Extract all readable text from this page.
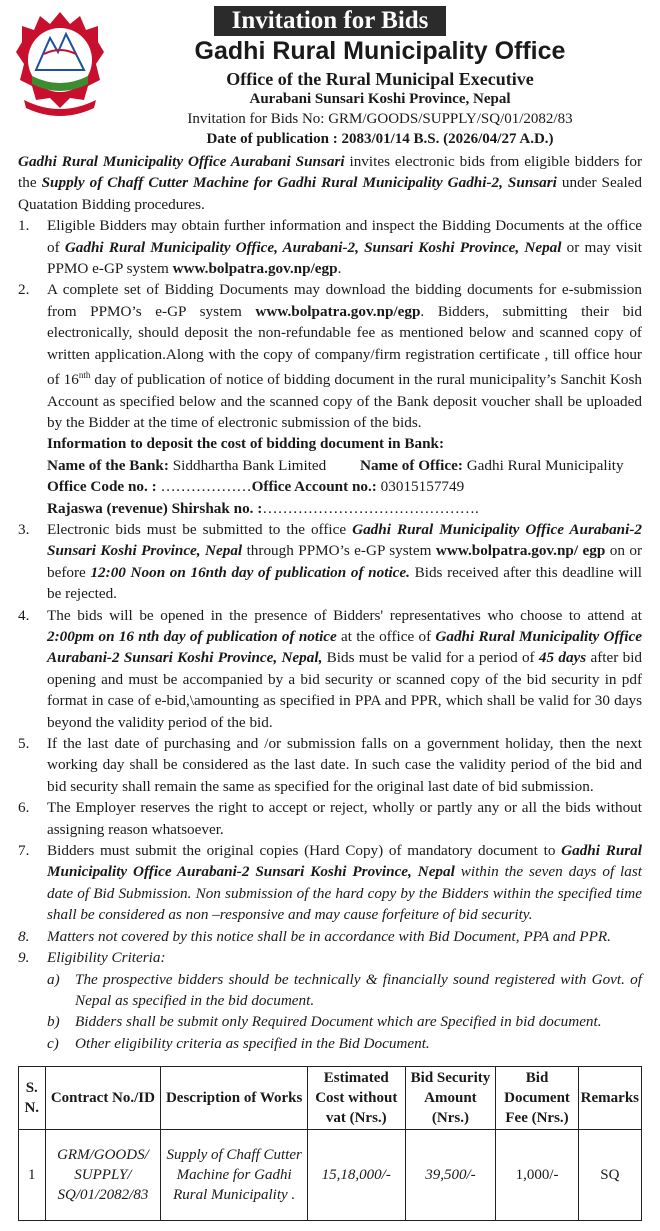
Invitation for Bids
Gadhi Rural Municipality Office
Office of the Rural Municipal Executive
Aurabani Sunsari Koshi Province, Nepal
Invitation for Bids No: GRM/GOODS/SUPPLY/SQ/01/2082/83
Date of publication : 2083/01/14 B.S. (2026/04/27 A.D.)

Gadhi Rural Municipality Office Aurabani Sunsari invites electronic bids from eligible bidders for the Supply of Chaff Cutter Machine for Gadhi Rural Municipality Gadhi-2, Sunsari under Sealed Quatation Bidding procedures.

1.	Eligible Bidders may obtain further information and inspect the Bidding Documents at the office of Gadhi Rural Municipality Office, Aurabani-2, Sunsari Koshi Province, Nepal or may visit PPMO e-GP system www.bolpatra.gov.np/egp.
2.	A complete set of Bidding Documents may download the bidding documents for e-submission from PPMO’s e-GP system www.bolpatra.gov.np/egp. Bidders, submitting their bid electronically, should deposit the non-refundable fee as mentioned below and scanned copy of written application.Along with the copy of company/firm registration certificate , till office hour of $16^{nth}$ day of publication of notice of bidding document in the rural municipality’s Sanchit Kosh Account as specified below and the scanned copy of the Bank deposit voucher shall be uploaded by the Bidder at the time of electronic submission of the bids.
Information to deposit the cost of bidding document in Bank:
Name of the Bank: Siddhartha Bank Limited	Name of Office: Gadhi Rural Municipality
Office Code no. : ………………Office Account no.: 03015157749
Rajaswa (revenue) Shirshak no. :…………………………………….
3.	Electronic bids must be submitted to the office Gadhi Rural Municipality Office Aurabani-2 Sunsari Koshi Province, Nepal through PPMO’s e-GP system www.bolpatra.gov.np/ egp on or before 12:00 Noon on 16nth day of publication of notice. Bids received after this deadline will be rejected.
4.	The bids will be opened in the presence of Bidders' representatives who choose to attend at 2:00pm on 16 nth day of publication of notice at the office of Gadhi Rural Municipality Office Aurabani-2 Sunsari Koshi Province, Nepal, Bids must be valid for a period of 45 days after bid opening and must be accompanied by a bid security or scanned copy of the bid security in pdf format in case of e-bid,\amounting as specified in PPA and PPR, which shall be valid for 30 days beyond the validity period of the bid.
5.	If the last date of purchasing and /or submission falls on a government holiday, then the next working day shall be considered as the last date. In such case the validity period of the bid and bid security shall remain the same as specified for the original last date of bid submission.
6.	The Employer reserves the right to accept or reject, wholly or partly any or all the bids without assigning reason whatsoever.
7.	Bidders must submit the original copies (Hard Copy) of mandatory document to Gadhi Rural Municipality Office Aurabani-2 Sunsari Koshi Province, Nepal within the seven days of last date of Bid Submission. Non submission of the hard copy by the Bidders within the specified time shall be considered as non –responsive and may cause forfeiture of bid security.
8.	Matters not covered by this notice shall be in accordance with Bid Document, PPA and PPR.
9.	Eligibility Criteria:
a)	The prospective bidders should be technically & financially sound registered with Govt. of Nepal as specified in the bid document.
b)	Bidders shall be submit only Required Document which are Specified in bid document.
c)	Other eligibility criteria as specified in the Bid Document.
S. N.	Contract No./ID	Description of Works	Estimated Cost without vat (Nrs.)	Bid Security Amount (Nrs.)	Bid Document Fee (Nrs.)	Remarks
1	GRM/GOODS/ SUPPLY/ SQ/01/2082/83	Supply of Chaff Cutter Machine for Gadhi Rural Municipality .	15,18,000/-	39,500/-	1,000/-	SQ
